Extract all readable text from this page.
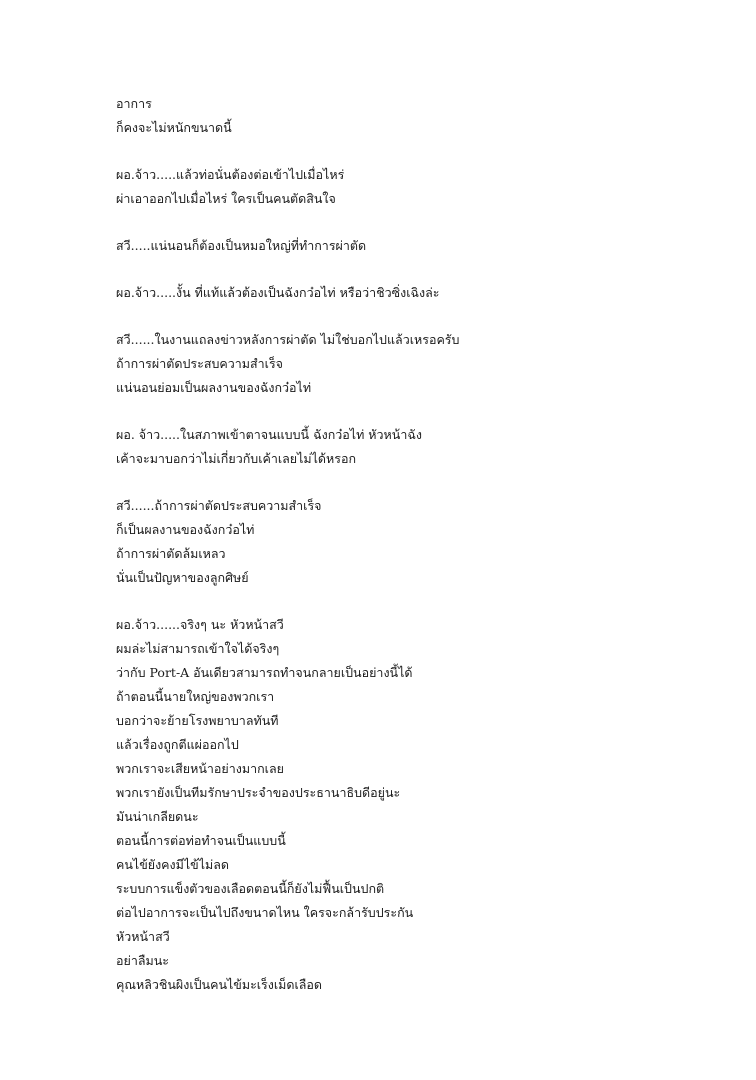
อาการ
ก็คงจะไม่หนักขนาดนี้
ผอ.จ้าว.....แล้วท่อนั่นต้องต่อเข้าไปเมื่อไหร่
ผ่าเอาออกไปเมื่อไหร่ ใครเป็นคนตัดสินใจ
สวี.....แน่นอนก็ต้องเป็นหมอใหญ่ที่ทำการผ่าตัด
ผอ.จ้าว.....งั้น ที่แท้แล้วต้องเป็นฉังกว๋อไท่ หรือว่าชิวซิ่งเฉิงล่ะ
สวี......ในงานแถลงข่าวหลังการผ่าตัด ไม่ใช่บอกไปแล้วเหรอครับ
ถ้าการผ่าตัดประสบความสำเร็จ
แน่นอนย่อมเป็นผลงานของฉังกว๋อไท่
ผอ. จ้าว.....ในสภาพเข้าตาจนแบบนี้ ฉังกว๋อไท่ หัวหน้าฉัง
เค้าจะมาบอกว่าไม่เกี่ยวกับเค้าเลยไม่ได้หรอก
สวี......ถ้าการผ่าตัดประสบความสำเร็จ
ก็เป็นผลงานของฉังกว๋อไท่
ถ้าการผ่าตัดล้มเหลว
นั่นเป็นปัญหาของลูกศิษย์
ผอ.จ้าว......จริงๆ นะ หัวหน้าสวี
ผมล่ะไม่สามารถเข้าใจได้จริงๆ
ว่ากับ Port-A อันเดียวสามารถทำจนกลายเป็นอย่างนี้ได้
ถ้าตอนนี้นายใหญ่ของพวกเรา
บอกว่าจะย้ายโรงพยาบาลทันที
แล้วเรื่องถูกตีแผ่ออกไป
พวกเราจะเสียหน้าอย่างมากเลย
พวกเรายังเป็นทีมรักษาประจำของประธานาธิบดีอยู่นะ
มันน่าเกลียดนะ
ตอนนี้การต่อท่อทำจนเป็นแบบนี้
คนไข้ยังคงมีไข้ไม่ลด
ระบบการแข็งตัวของเลือดตอนนี้ก็ยังไม่ฟื้นเป็นปกติ
ต่อไปอาการจะเป็นไปถึงขนาดไหน ใครจะกล้ารับประกัน
หัวหน้าสวี
อย่าลืมนะ
คุณหลิวชินผิงเป็นคนไข้มะเร็งเม็ดเลือด
